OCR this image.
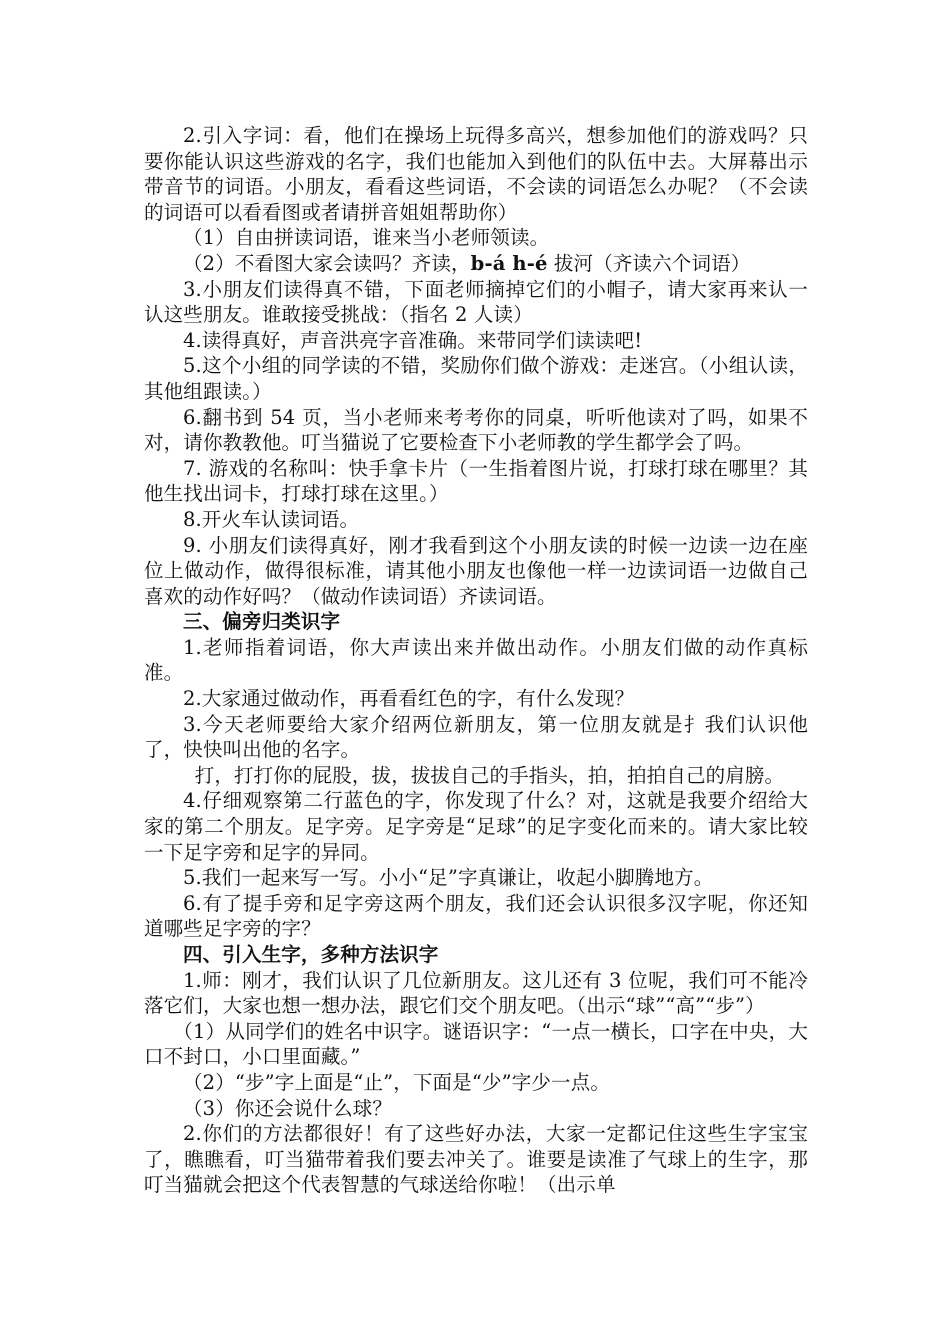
2.引入字词：看，他们在操场上玩得多高兴，想参加他们的游戏吗？只要你能认识这些游戏的名字，我们也能加入到他们的队伍中去。大屏幕出示带音节的词语。小朋友，看看这些词语，不会读的词语怎么办呢？（不会读的词语可以看看图或者请拼音姐姐帮助你）

（1）自由拼读词语，谁来当小老师领读。

（2）不看图大家会读吗？齐读，b-á h-é 拔河（齐读六个词语）

3.小朋友们读得真不错，下面老师摘掉它们的小帽子，请大家再来认一认这些朋友。谁敢接受挑战：（指名 2 人读）

4.读得真好，声音洪亮字音准确。来带同学们读读吧!

5.这个小组的同学读的不错，奖励你们做个游戏：走迷宫。（小组认读，其他组跟读。）

6.翻书到 54 页，当小老师来考考你的同桌，听听他读对了吗，如果不对，请你教教他。叮当猫说了它要检查下小老师教的学生都学会了吗。

7. 游戏的名称叫：快手拿卡片（一生指着图片说，打球打球在哪里？其他生找出词卡，打球打球在这里。）

8.开火车认读词语。

9. 小朋友们读得真好，刚才我看到这个小朋友读的时候一边读一边在座位上做动作，做得很标准，请其他小朋友也像他一样一边读词语一边做自己喜欢的动作好吗？（做动作读词语）齐读词语。

三、偏旁归类识字

1.老师指着词语，你大声读出来并做出动作。小朋友们做的动作真标准。

2.大家通过做动作，再看看红色的字，有什么发现？

3.今天老师要给大家介绍两位新朋友，第一位朋友就是扌我们认识他了，快快叫出他的名字。

打，打打你的屁股，拔，拔拔自己的手指头，拍，拍拍自己的肩膀。

4.仔细观察第二行蓝色的字，你发现了什么？对，这就是我要介绍给大家的第二个朋友。足字旁。足字旁是“足球”的足字变化而来的。请大家比较一下足字旁和足字的异同。

5.我们一起来写一写。小小“足”字真谦让，收起小脚腾地方。

6.有了提手旁和足字旁这两个朋友，我们还会认识很多汉字呢，你还知道哪些足字旁的字？

四、引入生字，多种方法识字

1.师：刚才，我们认识了几位新朋友。这儿还有 3 位呢，我们可不能冷落它们，大家也想一想办法，跟它们交个朋友吧。（出示“球”“高”“步”）

（1）从同学们的姓名中识字。谜语识字：“一点一横长，口字在中央，大口不封口，小口里面藏。”

（2）“步”字上面是“止”，下面是“少”字少一点。

（3）你还会说什么球？

2.你们的方法都很好！有了这些好办法，大家一定都记住这些生字宝宝了，瞧瞧看，叮当猫带着我们要去冲关了。谁要是读准了气球上的生字，那叮当猫就会把这个代表智慧的气球送给你啦！（出示单
